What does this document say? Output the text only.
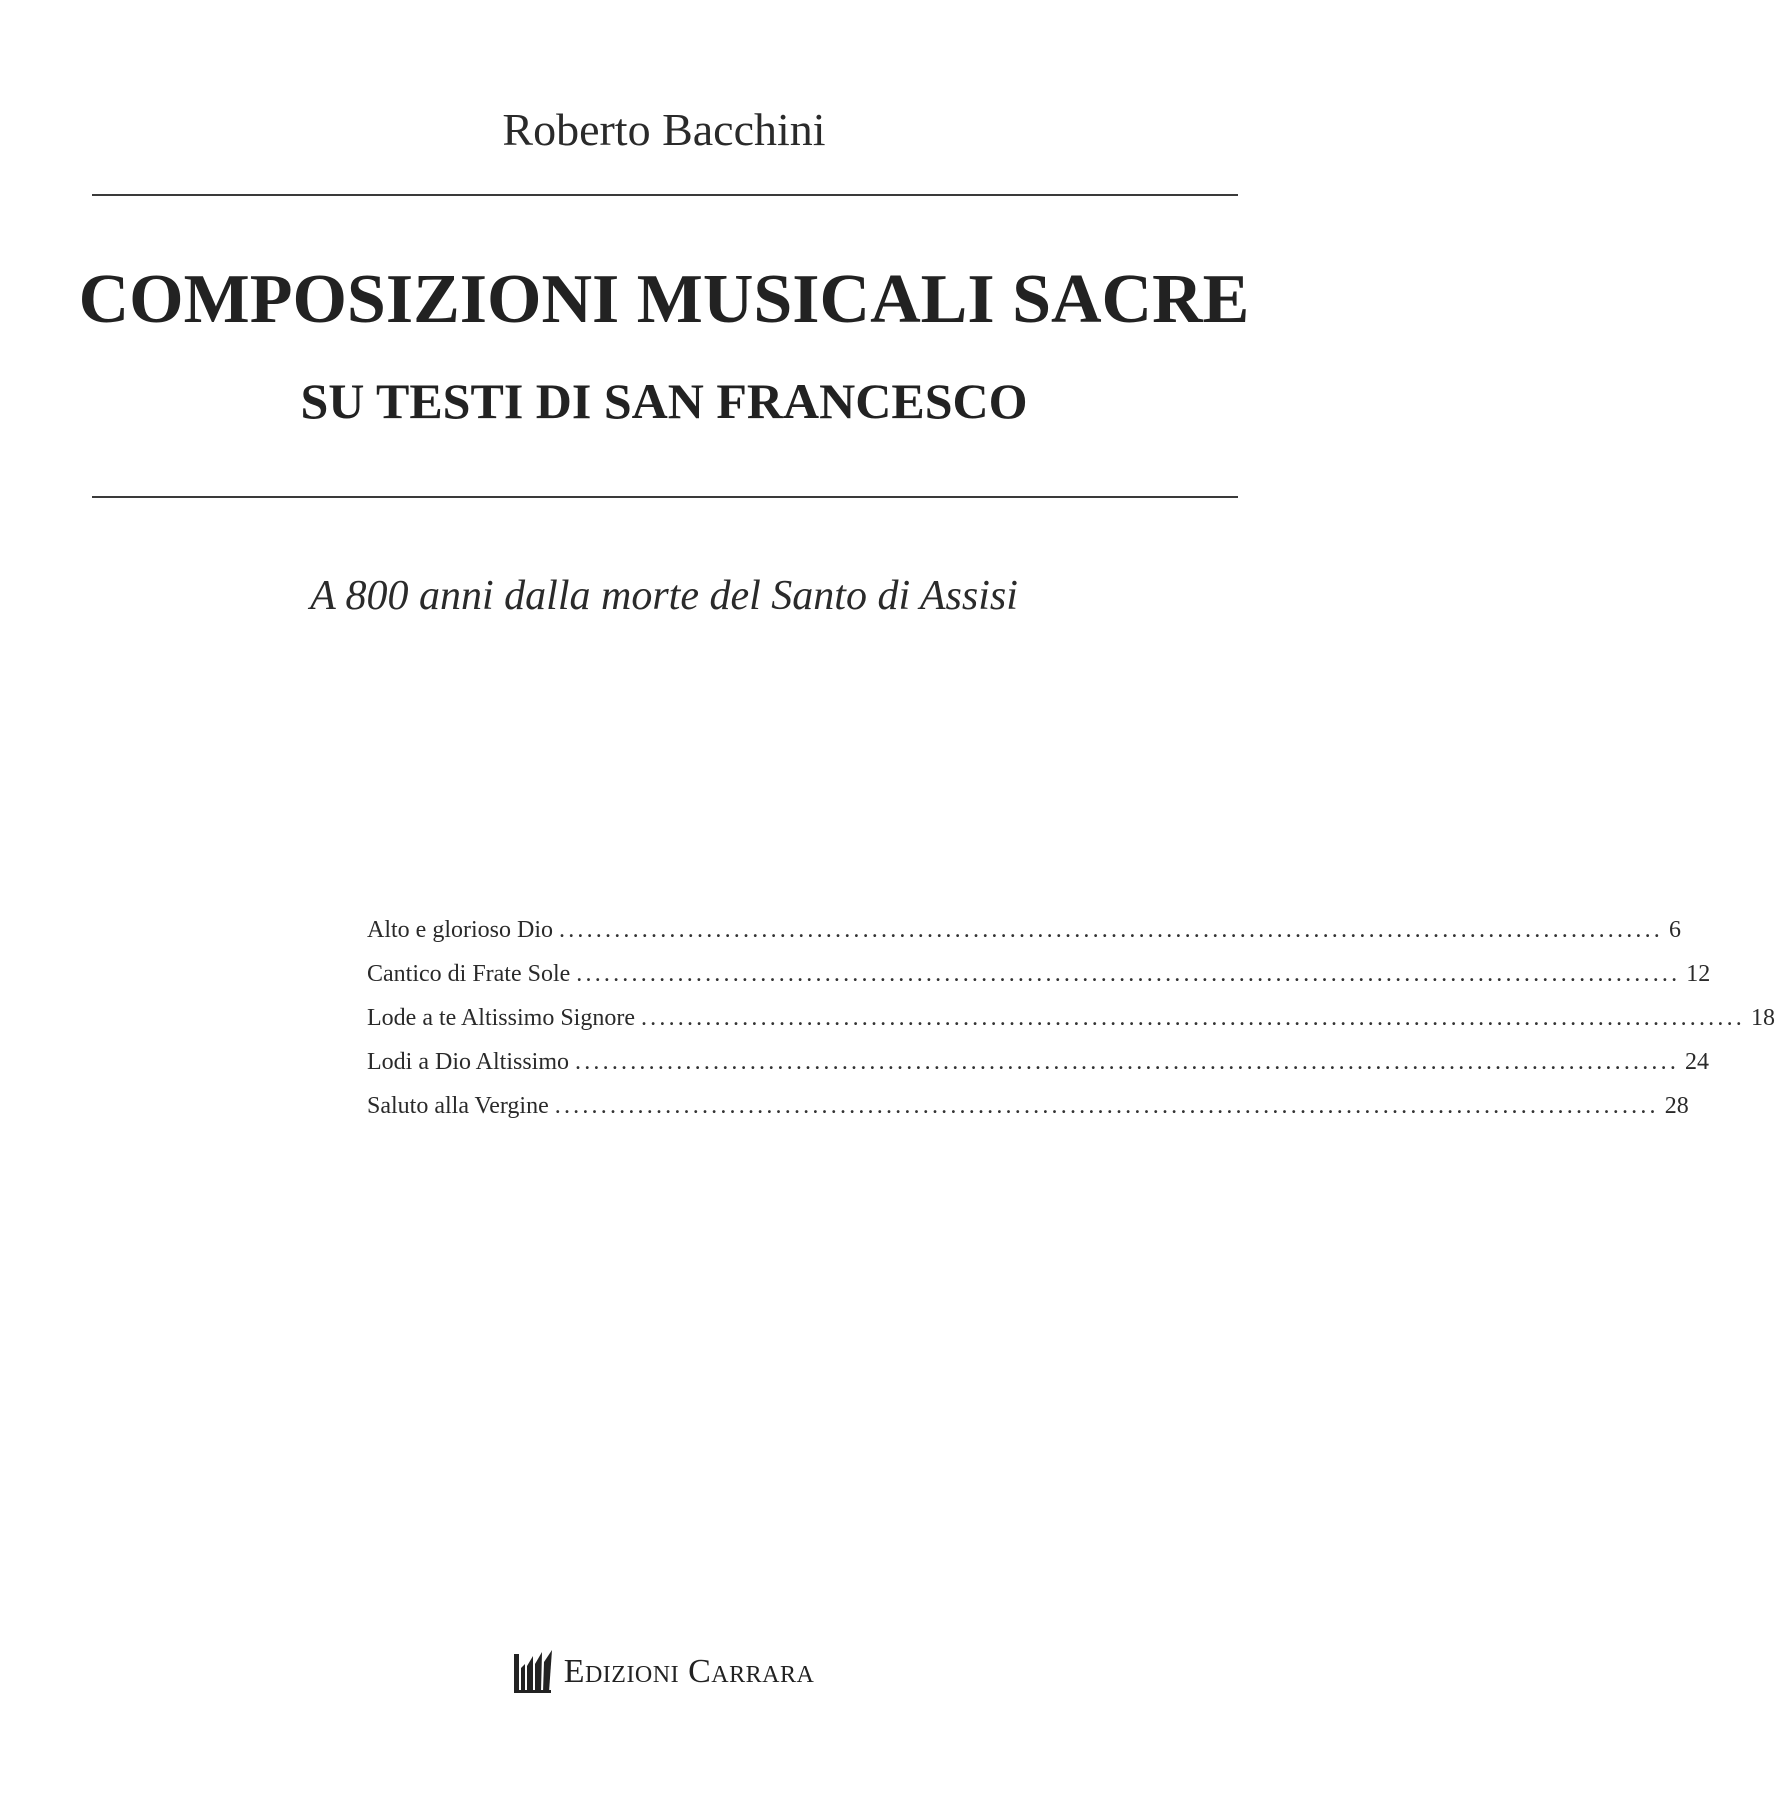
Roberto Bacchini
COMPOSIZIONI MUSICALI SACRE
SU TESTI DI SAN FRANCESCO
A 800 anni dalla morte del Santo di Assisi
Alto e glorioso Dio ........................................................................................................................ 6
Cantico di Frate Sole ........................................................................................................................ 12
Lode a te Altissimo Signore ........................................................................................................................ 18
Lodi a Dio Altissimo ........................................................................................................................ 24
Saluto alla Vergine ........................................................................................................................ 28
Edizioni Carrara
